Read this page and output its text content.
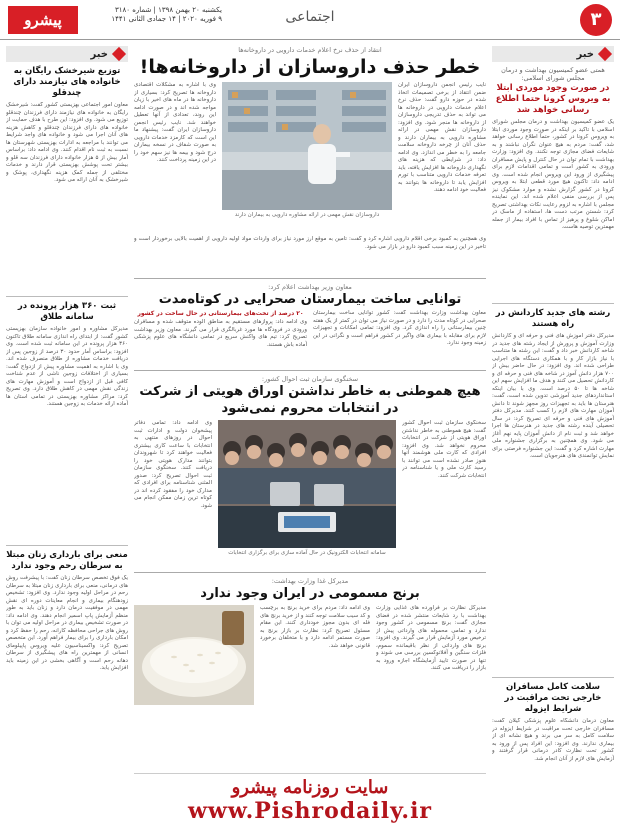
۳
اجتماعی
پیشرو
یکشنبه ۲۰ بهمن ۱۳۹۸ | شماره ۳۱۸۰
۹ فوریه ۲۰۲۰ | ۱۴ جمادی الثانی ۱۴۴۱
خبر
همتی عضو کمیسیون بهداشت و درمان مجلس شورای اسلامی:
در صورت وجود موردی ابتلا به ویروس کرونا حتما اطلاع رسانی خواهد شد
یک عضو کمیسیون بهداشت و درمان مجلس شورای اسلامی با تاکید بر اینکه در صورت وجود موردی ابتلا به ویروس کرونا در کشور، حتماً اطلاع رسانی خواهد شد، گفت: مردم به هیچ عنوان نگران نباشند و به شایعات فضای مجازی توجه نکنند. وی افزود: وزارت بهداشت با تمام توان در حال کنترل و پایش مسافران ورودی به کشور است و تمامی اقدامات لازم برای پیشگیری از ورود این ویروس انجام شده است. وی ادامه داد: تاکنون هیچ مورد قطعی ابتلا به ویروس کرونا در کشور گزارش نشده و موارد مشکوک نیز پس از بررسی منفی اعلام شده اند. این نماینده مجلس با اشاره به لزوم رعایت نکات بهداشتی تصریح کرد: شستن مرتب دست ها، استفاده از ماسک در اماکن شلوغ و پرهیز از تماس با افراد بیمار از جمله مهمترین توصیه هاست.
رشته های جدید کاردانش در راه هستند
مدیرکل دفتر آموزش های فنی و حرفه ای و کاردانش وزارت آموزش و پرورش از ایجاد رشته های جدید در شاخه کاردانش خبر داد و گفت: این رشته ها متناسب با نیاز بازار کار و با همکاری دستگاه های اجرایی طراحی شده اند. وی افزود: در حال حاضر بیش از ۷۰۰ هزار دانش آموز در شاخه های فنی و حرفه ای و کاردانش تحصیل می کنند و هدف ما افزایش سهم این شاخه ها تا ۵۰ درصد است. وی با بیان اینکه استانداردهای جدید آموزشی تدوین شده است، گفت: هنرستان ها باید به تجهیزات روز مجهز شوند تا دانش آموزان مهارت های لازم را کسب کنند. مدیرکل دفتر آموزش های فنی و حرفه ای تصریح کرد: در سال تحصیلی آینده رشته های جدید در هنرستان ها اجرا خواهد شد و ثبت نام از دانش آموزان پایه نهم آغاز می شود. وی همچنین به برگزاری جشنواره ملی مهارت اشاره کرد و گفت: این جشنواره فرصتی برای نمایش توانمندی های هنرجویان است.
سلامت کامل مسافران خارجی تحت مراقبت در شرایط ایزوله
معاون درمان دانشگاه علوم پزشکی گیلان گفت: مسافران خارجی تحت مراقبت در شرایط ایزوله در سلامت کامل به سر می برند و هیچ نشانه ای از بیماری ندارند. وی افزود: این افراد پس از ورود به کشور تحت نظارت کادر درمانی قرار گرفتند و آزمایش های لازم از آنان انجام شد.
خبر
توزیع شیرخشک رایگان به خانواده های نیازمند دارای چندقلو
معاون امور اجتماعی بهزیستی کشور گفت: شیرخشک رایگان به خانواده های نیازمند دارای فرزندان چندقلو توزیع می شود. وی افزود: این طرح با هدف حمایت از خانواده های دارای فرزندان چندقلو و کاهش هزینه های آنان اجرا می شود و خانواده های واجد شرایط می توانند با مراجعه به ادارات بهزیستی شهرستان ها نسبت به ثبت نام اقدام کنند. وی ادامه داد: براساس آمار بیش از ۵ هزار خانواده دارای فرزندان سه قلو و بیشتر تحت پوشش بهزیستی قرار دارند و خدمات مختلفی از جمله کمک هزینه نگهداری، پوشک و شیرخشک به آنان ارائه می شود.
ثبت ۳۶۰ هزار پرونده در سامانه طلاق
مدیرکل مشاوره و امور خانواده سازمان بهزیستی کشور گفت: از ابتدای راه اندازی سامانه طلاق تاکنون ۳۶۰ هزار پرونده در این سامانه ثبت شده است. وی افزود: براساس آمار حدود ۳۰ درصد از زوجین پس از دریافت خدمات مشاوره از طلاق منصرف شده اند. وی با اشاره به اهمیت مشاوره پیش از ازدواج گفت: بسیاری از اختلافات زوجین ناشی از عدم شناخت کافی قبل از ازدواج است و آموزش مهارت های زندگی نقش مهمی در کاهش طلاق دارد. وی تصریح کرد: مراکز مشاوره بهزیستی در تمامی استان ها آماده ارائه خدمات به زوجین هستند.
منعی برای بارداری زنان مبتلا به سرطان رحم وجود ندارد
یک فوق تخصص سرطان زنان گفت: با پیشرفت روش های درمانی، منعی برای بارداری زنان مبتلا به سرطان رحم در مراحل اولیه وجود ندارد. وی افزود: تشخیص زودهنگام بیماری و انجام معاینات دوره ای نقش مهمی در موفقیت درمان دارد و زنان باید به طور منظم آزمایش پاپ اسمیر انجام دهند. وی ادامه داد: در صورت تشخیص بیماری در مراحل اولیه می توان با روش های جراحی محافظه کارانه، رحم را حفظ کرد و امکان بارداری را برای بیمار فراهم آورد. این متخصص تصریح کرد: واکسیناسیون علیه ویروس پاپیلومای انسانی از مهمترین راه های پیشگیری از سرطان دهانه رحم است و آگاهی بخشی در این زمینه باید افزایش یابد.
انتقاد از حذف نرخ اعلام خدمات دارویی در داروخانه‌ها
خطر حذف داروسازان از داروخانه‌ها!
نایب رئیس انجمن داروسازان ایران ضمن انتقاد از برخی تصمیمات اتخاذ شده در حوزه دارو گفت: حذف نرخ اعلام خدمات دارویی در داروخانه ها می تواند به حذف تدریجی داروسازان از داروخانه ها منجر شود. وی افزود: داروسازان نقش مهمی در ارائه مشاوره دارویی به بیماران دارند و حذف آنان از چرخه داروخانه سلامت جامعه را به خطر می اندازد. وی ادامه داد: در شرایطی که هزینه های نگهداری داروخانه ها افزایش یافته، باید تعرفه خدمات دارویی متناسب با تورم افزایش یابد تا داروخانه ها بتوانند به فعالیت خود ادامه دهند.
داروسازان نقش مهمی در ارائه مشاوره دارویی به بیماران دارند
وی با اشاره به مشکلات اقتصادی داروخانه ها تصریح کرد: بسیاری از داروخانه ها در ماه های اخیر با زیان مواجه شده اند و در صورت ادامه این روند، تعدادی از آنها تعطیل خواهند شد. نایب رئیس انجمن داروسازان ایران گفت: پیشنهاد ما این است که کارمزد خدمات دارویی به صورت شفاف در نسخه بیماران درج شود و بیمه ها نیز سهم خود را در این زمینه پرداخت کنند.
وی همچنین به کمبود برخی اقلام دارویی اشاره کرد و گفت: تامین به موقع ارز مورد نیاز برای واردات مواد اولیه دارویی از اهمیت بالایی برخوردار است و تاخیر در این زمینه سبب کمبود دارو در بازار می شود.
معاون وزیر بهداشت اعلام کرد:
توانایی ساخت بیمارستان صحرایی در کوتاه‌مدت
معاون بهداشت وزارت بهداشت گفت: کشور توانایی ساخت بیمارستان صحرایی در کوتاه مدت را دارد و در صورت نیاز می توان در کمتر از یک هفته چنین بیمارستانی را راه اندازی کرد. وی افزود: تمامی امکانات و تجهیزات لازم برای مقابله با بیماری های واگیر در کشور فراهم است و نگرانی در این زمینه وجود ندارد.
۲۰ درصد از تخت‌های بیمارستانی در حال ساخت در کشور
وی ادامه داد: پروازهای مستقیم به مناطق آلوده متوقف شده و مسافران ورودی در فرودگاه ها مورد غربالگری قرار می گیرند. معاون وزیر بهداشت تصریح کرد: تیم های واکنش سریع در تمامی دانشگاه های علوم پزشکی آماده باش هستند.
سخنگوی سازمان ثبت احوال کشور:
هیچ هموطنی به خاطر نداشتن اوراق هویتی از شرکت در انتخابات محروم نمی‌شود
سخنگوی سازمان ثبت احوال کشور گفت: هیچ هموطنی به خاطر نداشتن اوراق هویتی از شرکت در انتخابات محروم نخواهد شد. وی افزود: افرادی که کارت ملی هوشمند آنها هنوز صادر نشده است می توانند با رسید کارت ملی و یا شناسنامه در انتخابات شرکت کنند.
سامانه انتخابات الکترونیک در حال آماده سازی برای برگزاری انتخابات
وی ادامه داد: تمامی دفاتر پیشخوان دولت و ادارات ثبت احوال در روزهای منتهی به انتخابات با ساعت کاری بیشتری فعالیت خواهند کرد تا شهروندان بتوانند مدارک هویتی خود را دریافت کنند. سخنگوی سازمان ثبت احوال تصریح کرد: صدور المثنی شناسنامه برای افرادی که مدارک خود را مفقود کرده اند در کوتاه ترین زمان ممکن انجام می شود.
مدیرکل غذا وزارت بهداشت:
برنج مسمومی در ایران وجود ندارد
مدیرکل نظارت بر فرآورده های غذایی وزارت بهداشت با رد شایعات منتشر شده در فضای مجازی گفت: برنج مسمومی در کشور وجود ندارد و تمامی محموله های وارداتی پیش از ترخیص مورد آزمایش قرار می گیرند. وی افزود: برنج های وارداتی از نظر باقیمانده سموم، فلزات سنگین و آفلاتوکسین بررسی می شوند و تنها در صورت تایید آزمایشگاه اجازه ورود به بازار را دریافت می کنند.
وی ادامه داد: مردم برای خرید برنج به برچسب و کد سیب سلامت توجه کنند و از خرید برنج های فله ای بدون مجوز خودداری کنند. این مقام مسئول تصریح کرد: نظارت بر بازار برنج به صورت مستمر ادامه دارد و با متخلفان برخورد قانونی خواهد شد.
سایت روزنامه پیشرو
www.Pishrodaily.ir
